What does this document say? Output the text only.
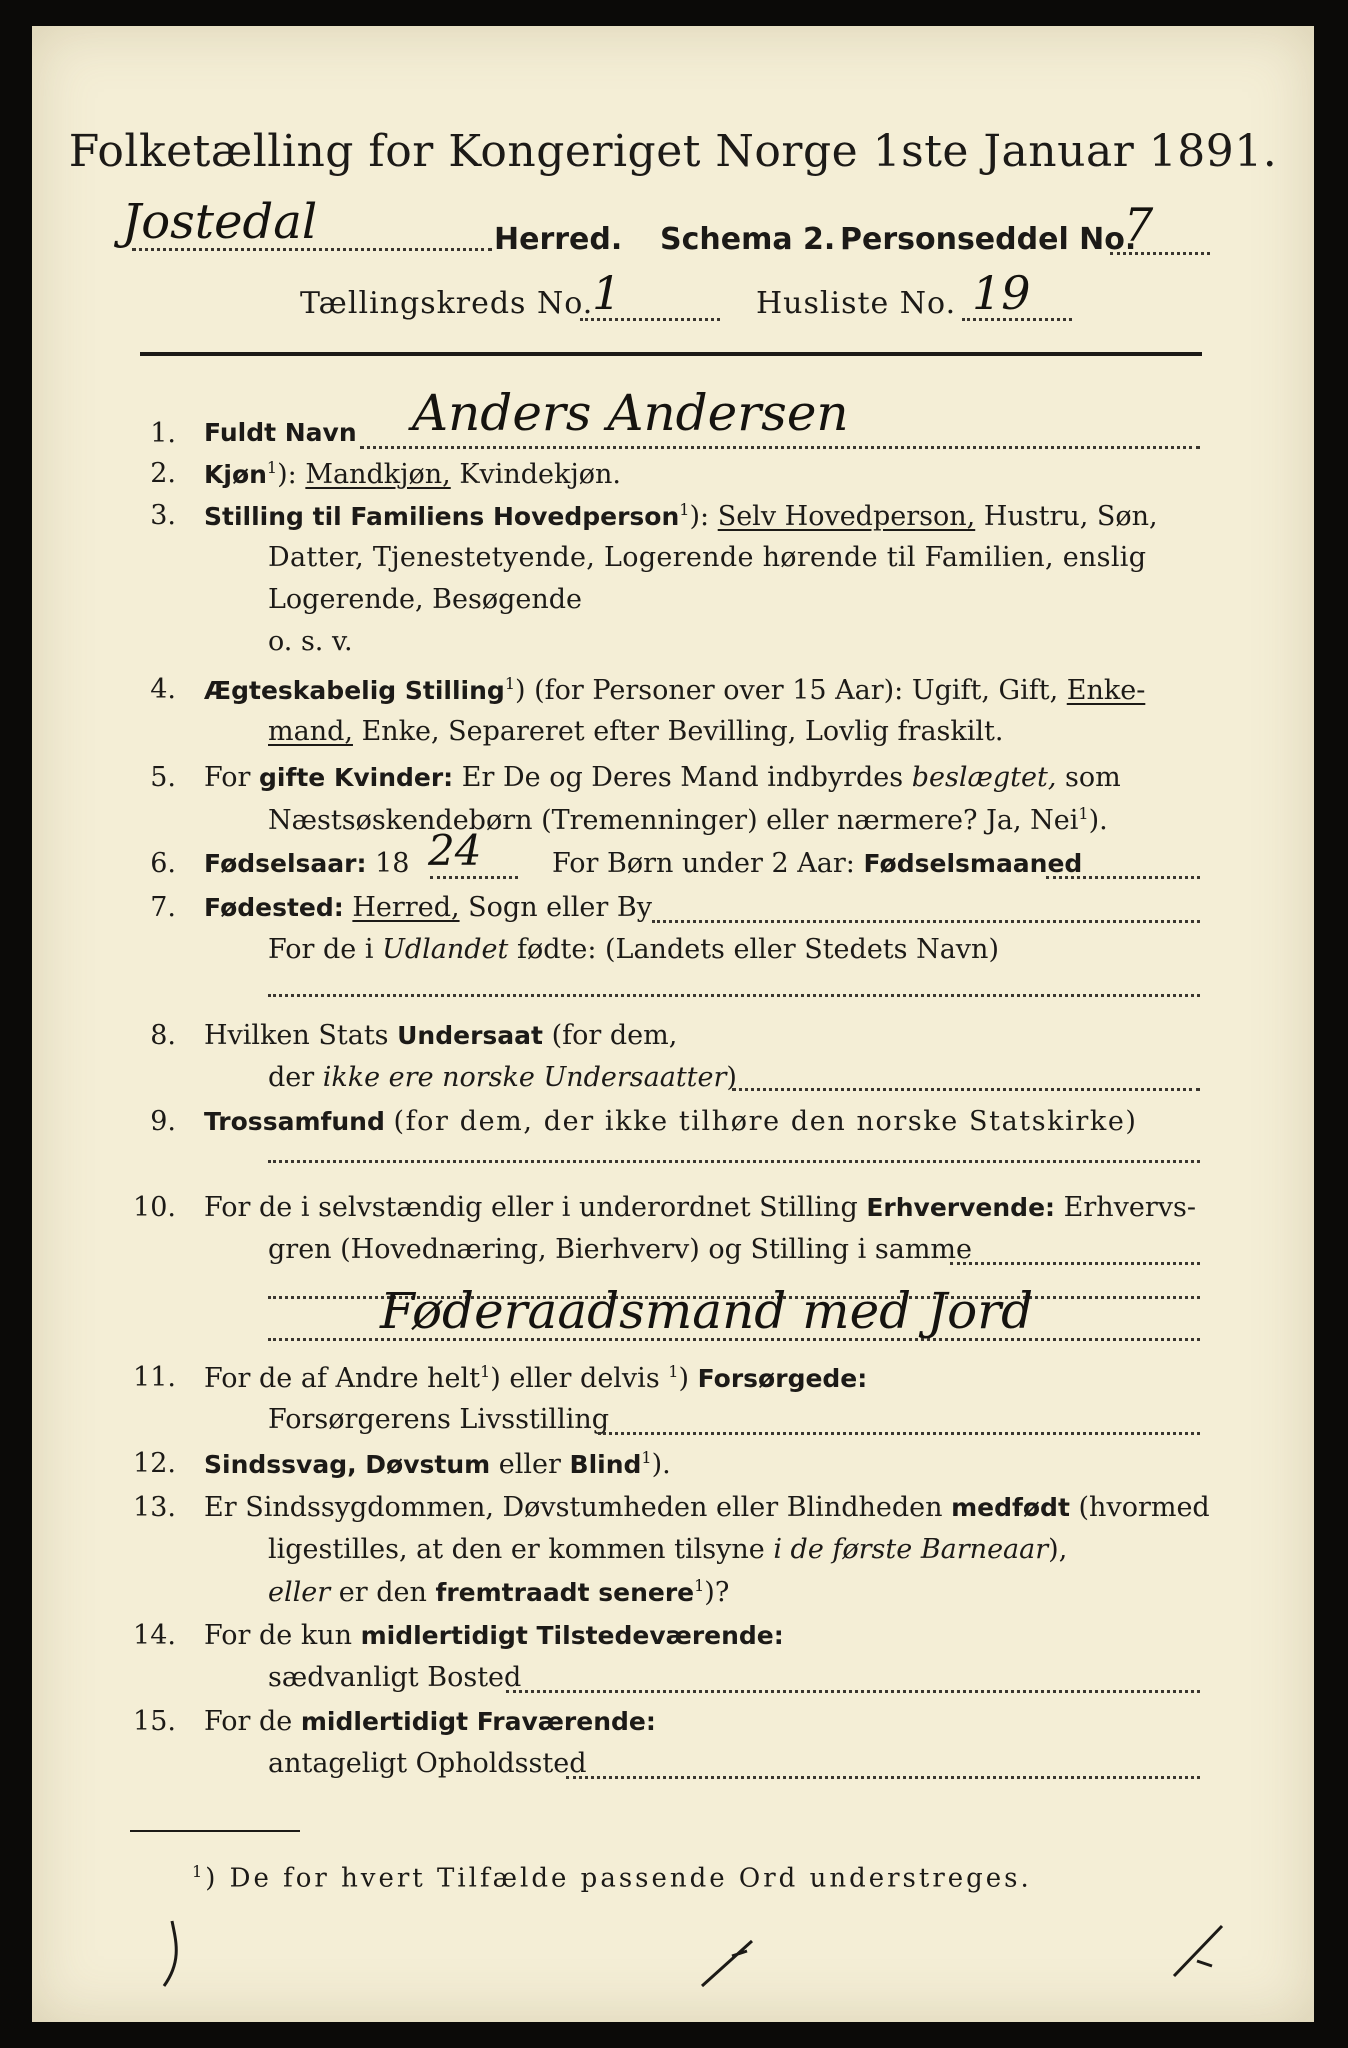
Folketælling for Kongeriget Norge 1ste Januar 1891.
Jostedal	Herred. Schema 2. Personseddel No.
7
Tællingskreds No.
1	Husliste No. 19
1. Fuldt Navn Anders Andersen
2. Kjøn$^1$): Mandkjøn, Kvindekjøn.
3. Stilling til Familiens Hovedperson$^1$): Selv Hovedperson, Hustru, Søn,
Datter, Tjenestetyende, Logerende hørende til Familien, enslig
Logerende, Besøgende
o. s. v.
4. Ægteskabelig Stilling$^1$) (for Personer over 15 Aar): Ugift, Gift, Enke-
mand, Enke, Separeret efter Bevilling, Lovlig fraskilt.
5. For gifte Kvinder: Er De og Deres Mand indbyrdes beslægtet, som
Næstsøskendebørn (Tremenninger) eller nærmere? Ja, Nei$^1$).
6. Fødselsaar: 18 24	For Børn under 2 Aar: Fødselsmaaned
7. Fødested: Herred, Sogn eller By
For de i Udlandet fødte: (Landets eller Stedets Navn)
8. Hvilken Stats Undersaat (for dem,
der ikke ere norske Undersaatter)
9. Trossamfund (for dem, der ikke tilhøre den norske Statskirke)
10. For de i selvstændig eller i underordnet Stilling Erhvervende: Erhvervs-
gren (Hovednæring, Bierhverv) og Stilling i samme
Føderaadsmand med Jord
11. For de af Andre helt$^1$) eller delvis $^1$) Forsørgede:
Forsørgerens Livsstilling
12. Sindssvag, Døvstum eller Blind$^1$).
13. Er Sindssygdommen, Døvstumheden eller Blindheden medfødt (hvormed
ligestilles, at den er kommen tilsyne i de første Barneaar),
eller er den fremtraadt senere$^1$)?
14. For de kun midlertidigt Tilstedeværende:
sædvanligt Bosted
15. For de midlertidigt Fraværende:
antageligt Opholdssted
$^1$) De for hvert Tilfælde passende Ord understreges.
